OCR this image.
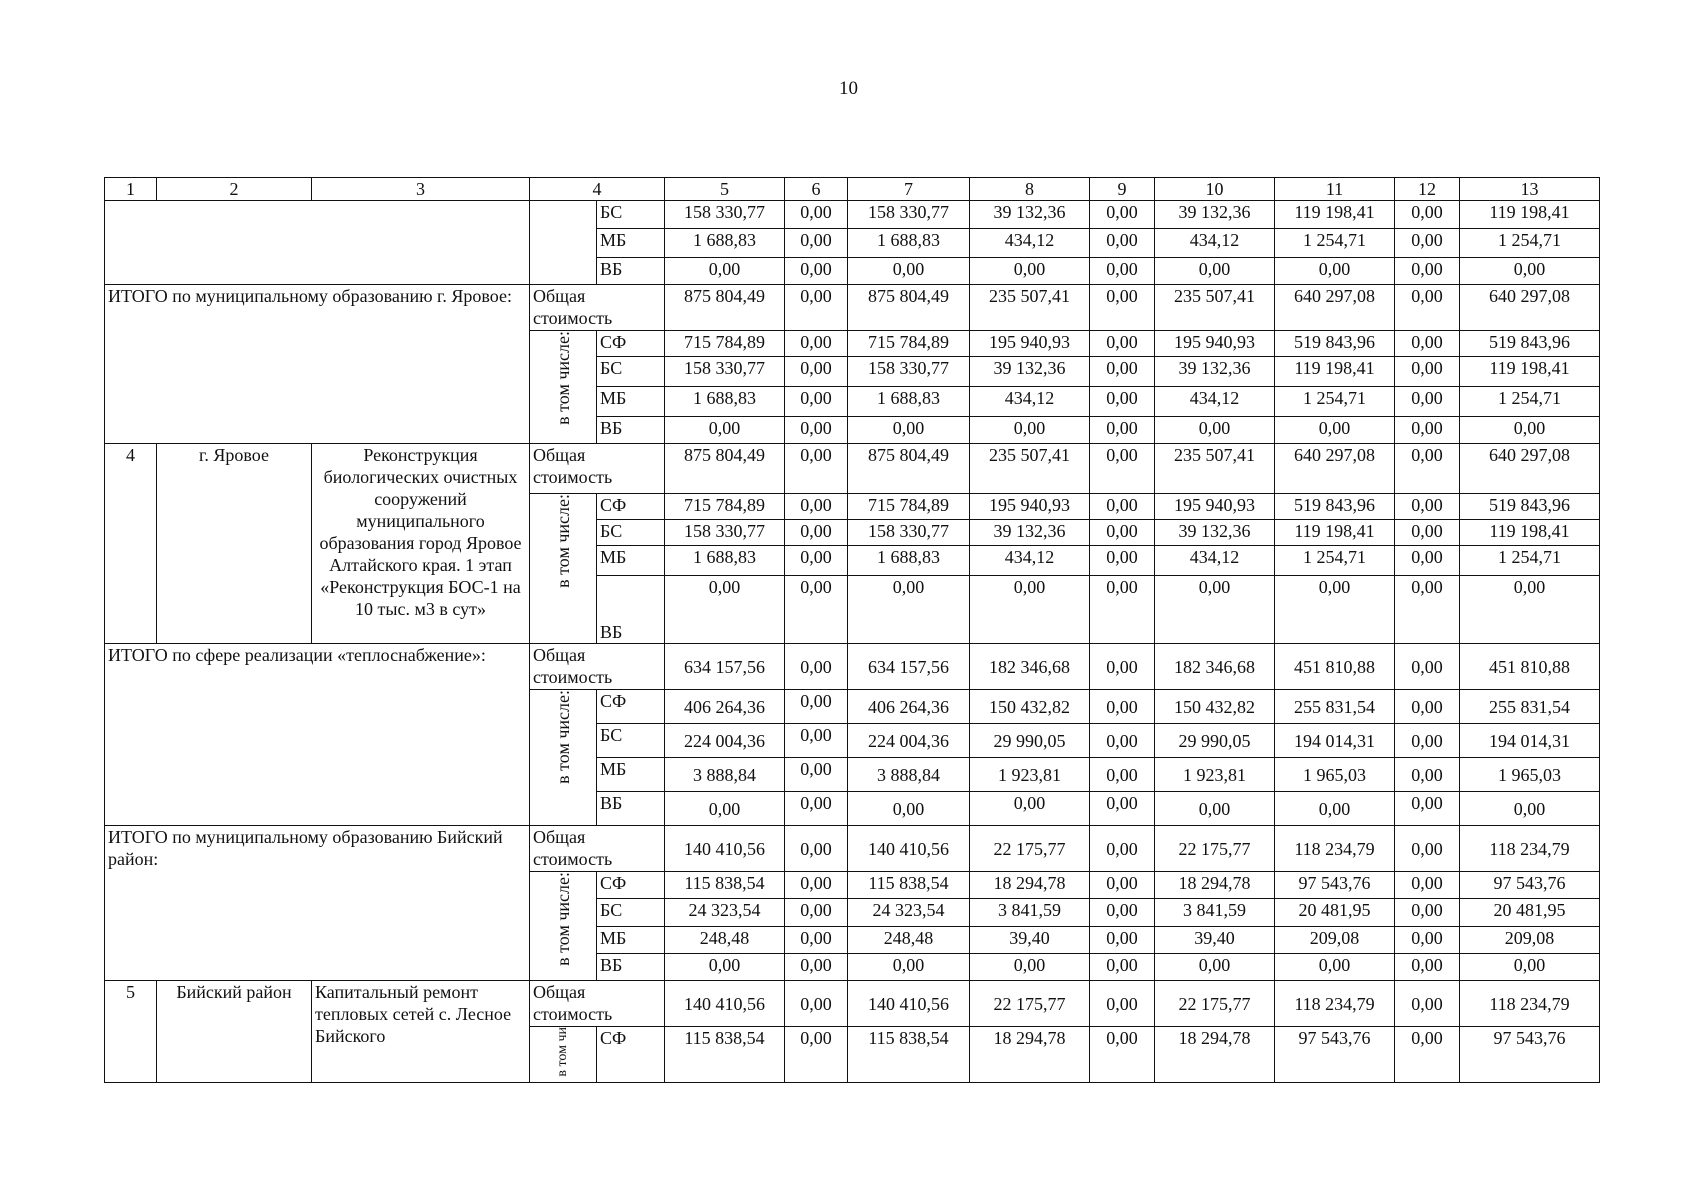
10
1	2	3	4		5	6	7	8	9	10	11	12	13
				БС	158 330,77	0,00	158 330,77	39 132,36	0,00	39 132,36	119 198,41	0,00	119 198,41
				МБ	1 688,83	0,00	1 688,83	434,12	0,00	434,12	1 254,71	0,00	1 254,71
				ВБ	0,00	0,00	0,00	0,00	0,00	0,00	0,00	0,00	0,00
ИТОГО по муниципальному образованию г. Яровое:			Общая стоимость		875 804,49	0,00	875 804,49	235 507,41	0,00	235 507,41	640 297,08	0,00	640 297,08
			в том числе:	СФ	715 784,89	0,00	715 784,89	195 940,93	0,00	195 940,93	519 843,96	0,00	519 843,96
				БС	158 330,77	0,00	158 330,77	39 132,36	0,00	39 132,36	119 198,41	0,00	119 198,41
				МБ	1 688,83	0,00	1 688,83	434,12	0,00	434,12	1 254,71	0,00	1 254,71
				ВБ	0,00	0,00	0,00	0,00	0,00	0,00	0,00	0,00	0,00
4	г. Яровое	Реконструкция биологических очистных сооружений муниципального образования город Яровое Алтайского края. 1 этап «Реконструкция БОС-1 на 10 тыс. м3 в сут»	Общая стоимость		875 804,49	0,00	875 804,49	235 507,41	0,00	235 507,41	640 297,08	0,00	640 297,08
			в том числе:	СФ	715 784,89	0,00	715 784,89	195 940,93	0,00	195 940,93	519 843,96	0,00	519 843,96
				БС	158 330,77	0,00	158 330,77	39 132,36	0,00	39 132,36	119 198,41	0,00	119 198,41
				МБ	1 688,83	0,00	1 688,83	434,12	0,00	434,12	1 254,71	0,00	1 254,71
				ВБ	0,00	0,00	0,00	0,00	0,00	0,00	0,00	0,00	0,00
ИТОГО по сфере реализации «теплоснабжение»:			Общая стоимость		634 157,56	0,00	634 157,56	182 346,68	0,00	182 346,68	451 810,88	0,00	451 810,88
			в том числе:	СФ	406 264,36	0,00	406 264,36	150 432,82	0,00	150 432,82	255 831,54	0,00	255 831,54
				БС	224 004,36	0,00	224 004,36	29 990,05	0,00	29 990,05	194 014,31	0,00	194 014,31
				МБ	3 888,84	0,00	3 888,84	1 923,81	0,00	1 923,81	1 965,03	0,00	1 965,03
				ВБ	0,00	0,00	0,00	0,00	0,00	0,00	0,00	0,00	0,00
ИТОГО по муниципальному образованию Бийский район:			Общая стоимость		140 410,56	0,00	140 410,56	22 175,77	0,00	22 175,77	118 234,79	0,00	118 234,79
			в том числе:	СФ	115 838,54	0,00	115 838,54	18 294,78	0,00	18 294,78	97 543,76	0,00	97 543,76
				БС	24 323,54	0,00	24 323,54	3 841,59	0,00	3 841,59	20 481,95	0,00	20 481,95
				МБ	248,48	0,00	248,48	39,40	0,00	39,40	209,08	0,00	209,08
				ВБ	0,00	0,00	0,00	0,00	0,00	0,00	0,00	0,00	0,00
5	Бийский район	Капитальный ремонт тепловых сетей с. Лесное Бийского	Общая стоимость		140 410,56	0,00	140 410,56	22 175,77	0,00	22 175,77	118 234,79	0,00	118 234,79
			в том чи	СФ	115 838,54	0,00	115 838,54	18 294,78	0,00	18 294,78	97 543,76	0,00	97 543,76
